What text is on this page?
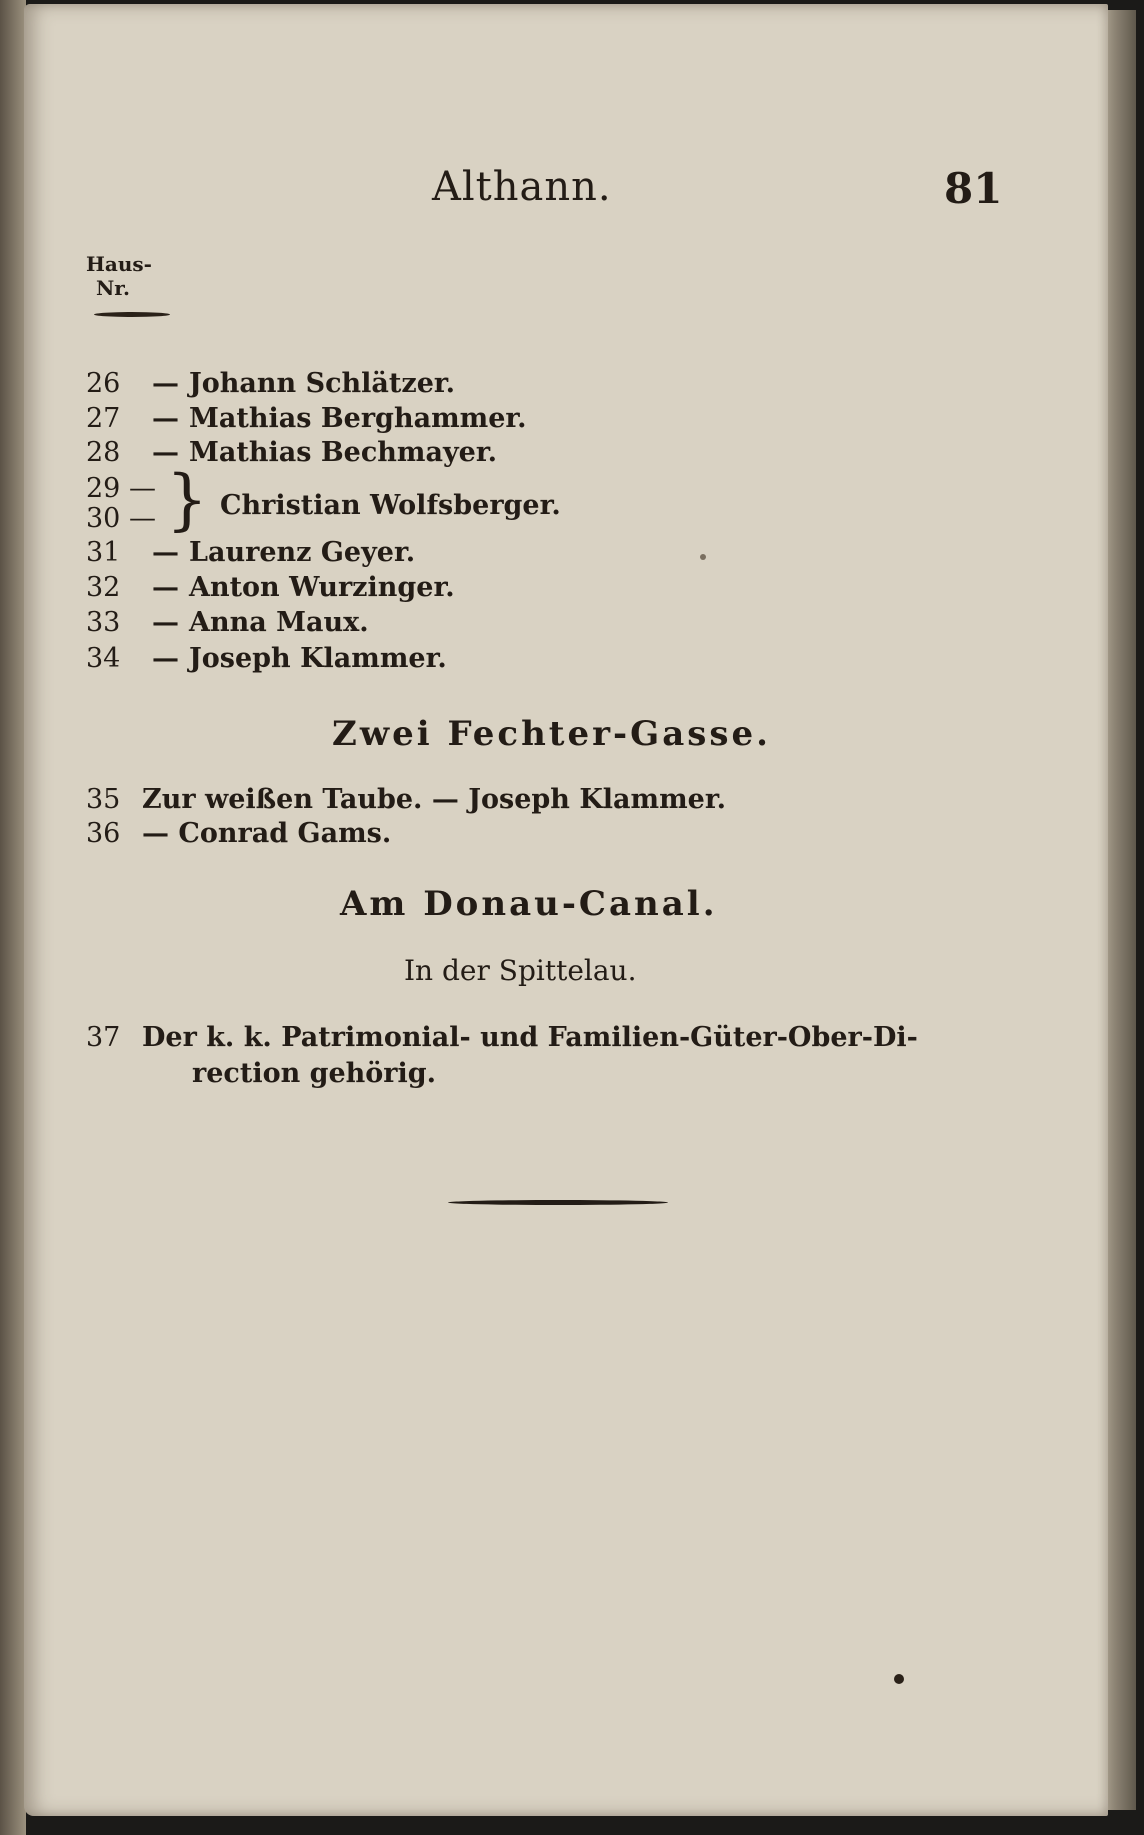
Althann.	81
Haus-
Nr.
26 — Johann Schlätzer.
27 — Mathias Berghammer.
28 — Mathias Bechmayer.
29 —
30 — } Christian Wolfsberger.
31 — Laurenz Geyer.
32 — Anton Wurzinger.
33 — Anna Maux.
34 — Joseph Klammer.
Zwei Fechter-Gasse.
35 Zur weißen Taube. — Joseph Klammer.
36 — Conrad Gams.
Am Donau-Canal.
In der Spittelau.
37 Der k. k. Patrimonial- und Familien-Güter-Ober-Di-
rection gehörig.
